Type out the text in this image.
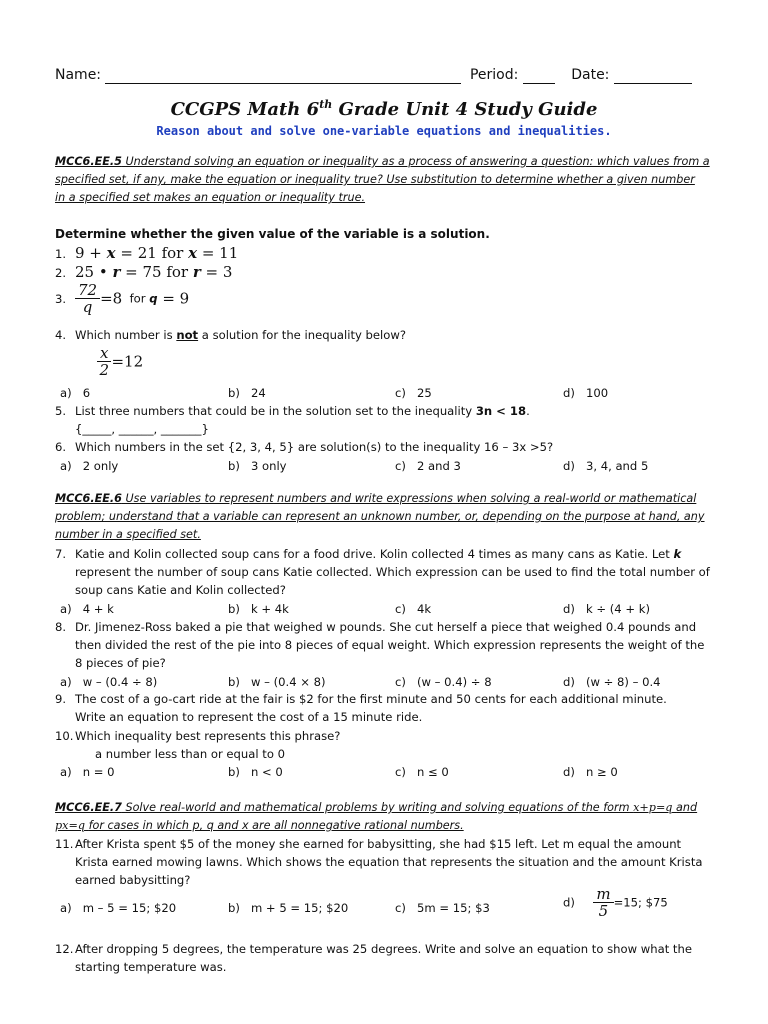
Name:	Period:	Date:
CCGPS Math 6th Grade Unit 4 Study Guide
Reason about and solve one-variable equations and inequalities.
MCC6.EE.5 Understand solving an equation or inequality as a process of answering a question: which values from a
specified set, if any, make the equation or inequality true? Use substitution to determine whether a given number
in a specified set makes an equation or inequality true.
Determine whether the given value of the variable is a solution.
1. 9 + x = 21 for x = 11
2. 25 • r = 75 for r = 3
3. $\frac{72}{q} =8$ for q = 9
4. Which number is not a solution for the inequality below?
$\frac{x}{2} =12$
a) 6	b) 24	c) 25	d) 100
5. List three numbers that could be in the solution set to the inequality 3n < 18.
{_____, ______, _______}
6. Which numbers in the set {2, 3, 4, 5} are solution(s) to the inequality 16 – 3x >5?
a) 2 only	b) 3 only	c) 2 and 3	d) 3, 4, and 5
MCC6.EE.6 Use variables to represent numbers and write expressions when solving a real-world or mathematical
problem; understand that a variable can represent an unknown number, or, depending on the purpose at hand, any
number in a specified set.
7. Katie and Kolin collected soup cans for a food drive. Kolin collected 4 times as many cans as Katie. Let k
represent the number of soup cans Katie collected. Which expression can be used to find the total number of
soup cans Katie and Kolin collected?
a) 4 + k	b) k + 4k	c) 4k	d) k ÷ (4 + k)
8. Dr. Jimenez-Ross baked a pie that weighed w pounds. She cut herself a piece that weighed 0.4 pounds and
then divided the rest of the pie into 8 pieces of equal weight. Which expression represents the weight of the
8 pieces of pie?
a) w – (0.4 ÷ 8)	b) w – (0.4 × 8)	c) (w – 0.4) ÷ 8	d) (w ÷ 8) – 0.4
9. The cost of a go-cart ride at the fair is $2 for the first minute and 50 cents for each additional minute.
Write an equation to represent the cost of a 15 minute ride.
10. Which inequality best represents this phrase?
a number less than or equal to 0
a) n = 0	b) n < 0	c) n ≤ 0	d) n ≥ 0
MCC6.EE.7 Solve real-world and mathematical problems by writing and solving equations of the form x+p=q and
px=q for cases in which p, q and x are all nonnegative rational numbers.
11. After Krista spent $5 of the money she earned for babysitting, she had $15 left. Let m equal the amount
Krista earned mowing lawns. Which shows the equation that represents the situation and the amount Krista
earned babysitting?
a) m – 5 = 15; $20	b) m + 5 = 15; $20	c) 5m = 15; $3	$d) \frac{m}{5} =15$; $75
12. After dropping 5 degrees, the temperature was 25 degrees. Write and solve an equation to show what the
starting temperature was.
